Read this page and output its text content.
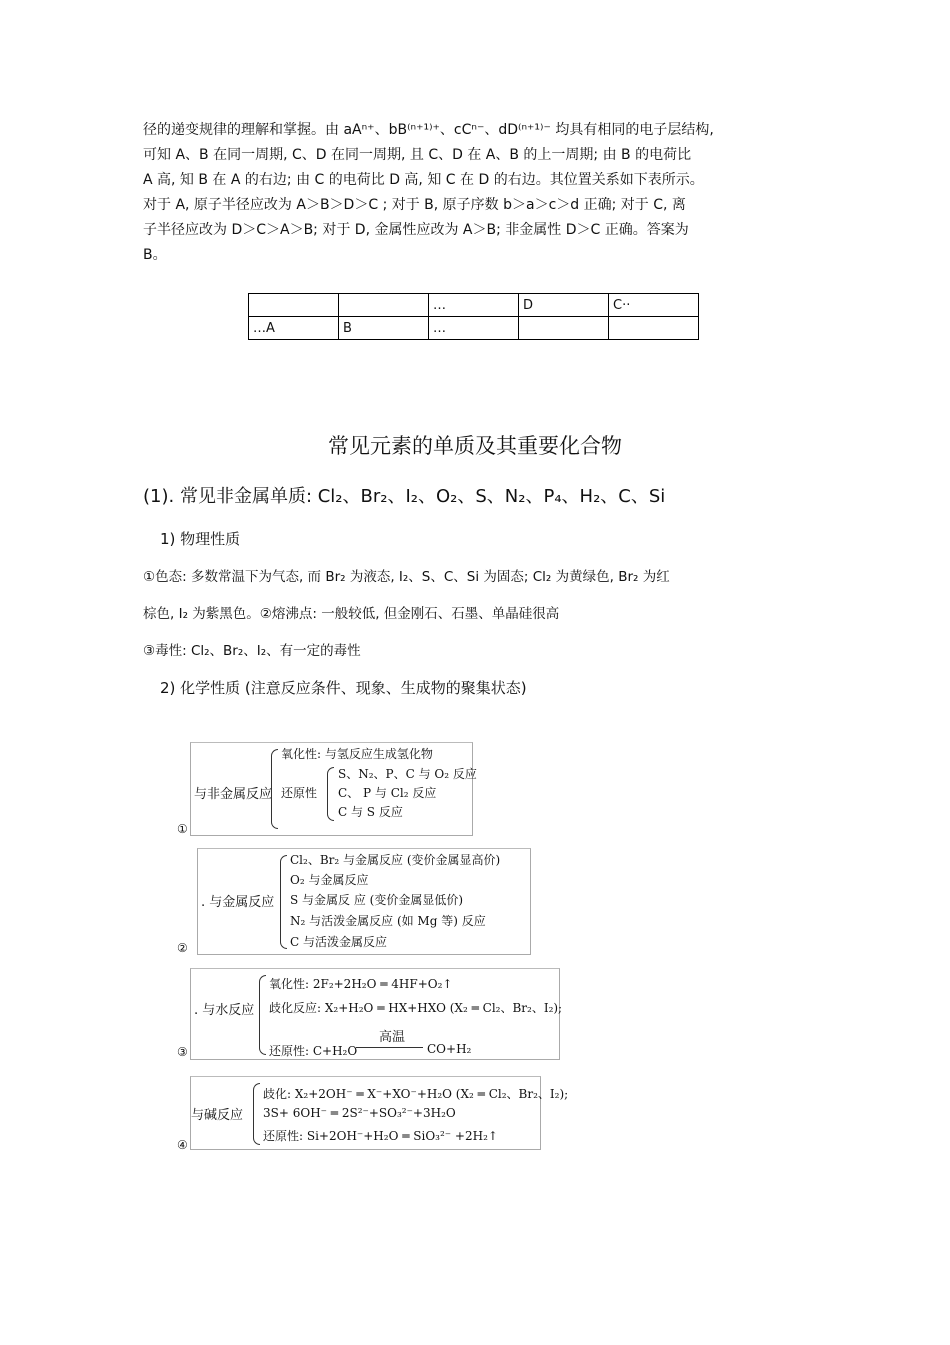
径的递变规律的理解和掌握。由 aAⁿ⁺、bB⁽ⁿ⁺¹⁾⁺、cCⁿ⁻、dD⁽ⁿ⁺¹⁾⁻ 均具有相同的电子层结构,

可知 A、B 在同一周期, C、D 在同一周期, 且 C、D 在 A、B 的上一周期; 由 B 的电荷比

A 高, 知 B 在 A 的右边; 由 C 的电荷比 D 高, 知 C 在 D 的右边。其位置关系如下表所示。

对于 A, 原子半径应改为 A＞B＞D＞C ; 对于 B, 原子序数 b＞a＞c＞d 正确; 对于 C, 离

子半径应改为 D＞C＞A＞B; 对于 D, 金属性应改为 A＞B; 非金属性 D＞C 正确。答案为

B。

		…	D	C··
…A	B	…		
常见元素的单质及其重要化合物
(1). 常见非金属单质: Cl₂、Br₂、I₂、O₂、S、N₂、P₄、H₂、C、Si
1) 物理性质
①色态: 多数常温下为气态, 而 Br₂ 为液态, I₂、S、C、Si 为固态; Cl₂ 为黄绿色, Br₂ 为红
棕色, I₂ 为紫黑色。②熔沸点: 一般较低, 但金刚石、石墨、单晶硅很高
③毒性: Cl₂、Br₂、I₂、有一定的毒性
2) 化学性质 (注意反应条件、现象、生成物的聚集状态)
①
与非金属反应
氧化性: 与氢反应生成氢化物
还原性
S、N₂、P、C 与 O₂ 反应
C、 P 与 Cl₂ 反应
C 与 S 反应
②
. 与金属反应
Cl₂、Br₂ 与金属反应 (变价金属显高价)
O₂ 与金属反应
S 与金属反 应 (变价金属显低价)
N₂ 与活泼金属反应 (如 Mg 等) 反应
C 与活泼金属反应
③
. 与水反应
氧化性: 2F₂+2H₂O ═ 4HF+O₂↑
歧化反应: X₂+H₂O ═ HX+HXO (X₂ ═ Cl₂、Br₂、I₂);
还原性: C+H₂O
高温
CO+H₂
④
与碱反应
歧化: X₂+2OH⁻ ═ X⁻+XO⁻+H₂O (X₂ ═ Cl₂、Br₂、I₂);
3S+ 6OH⁻ ═ 2S²⁻+SO₃²⁻+3H₂O
还原性: Si+2OH⁻+H₂O ═ SiO₃²⁻ +2H₂↑
